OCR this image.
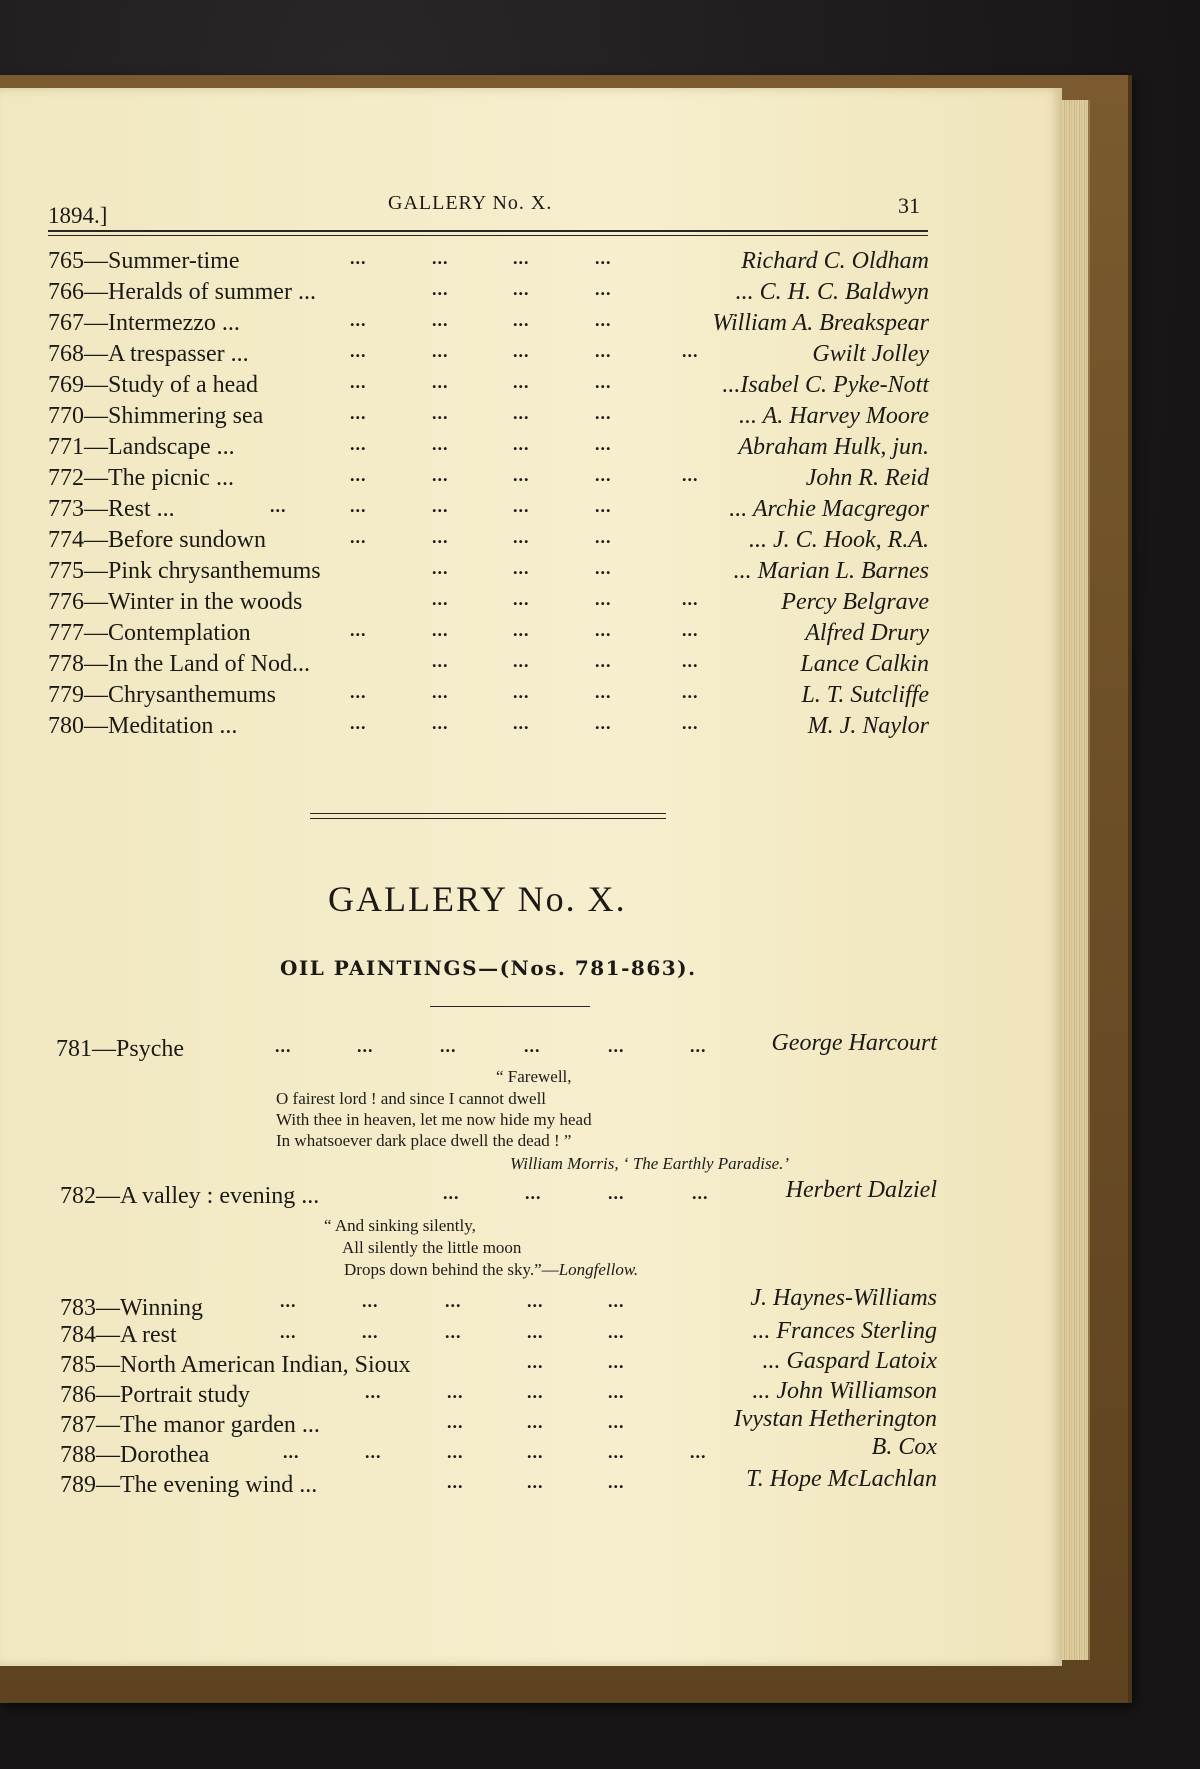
1894.]	GALLERY No. X.	31
765—Summer-time	...	...	...	...	Richard C. Oldham
766—Heralds of summer ...	...	...	...	... C. H. C. Baldwyn
767—Intermezzo ...	...	...	...	...	William A. Breakspear
768—A trespasser ...	...	...	...	...	...	Gwilt Jolley
769—Study of a head	...	...	...	...	...Isabel C. Pyke-Nott
770—Shimmering sea	...	...	...	...	... A. Harvey Moore
771—Landscape ...	...	...	...	...	Abraham Hulk, jun.
772—The picnic ...	...	...	...	...	...	John R. Reid
773—Rest ...	...	...	...	...	...	... Archie Macgregor
774—Before sundown	...	...	...	...	... J. C. Hook, R.A.
775—Pink chrysanthemums	...	...	...	... Marian L. Barnes
776—Winter in the woods	...	...	...	...	Percy Belgrave
777—Contemplation	...	...	...	...	...	Alfred Drury
778—In the Land of Nod...	...	...	...	...	Lance Calkin
779—Chrysanthemums	...	...	...	...	...	L. T. Sutcliffe
780—Meditation ...	...	...	...	...	...	M. J. Naylor
GALLERY No. X.
OIL PAINTINGS—(Nos. 781-863).
781—Psyche	...	...	...	...	...	...	George Harcourt
“ Farewell,
O fairest lord ! and since I cannot dwell
With thee in heaven, let me now hide my head
In whatsoever dark place dwell the dead ! ”
William Morris, ‘ The Earthly Paradise.’
782—A valley : evening ...	...	...	...	...	Herbert Dalziel
“ And sinking silently,
All silently the little moon
Drops down behind the sky.”—Longfellow.
783—Winning	...	...	...	...	...	J. Haynes-Williams
784—A rest	...	...	...	...	...	... Frances Sterling
785—North American Indian, Sioux	...	...	... Gaspard Latoix
786—Portrait study	...	...	...	...	... John Williamson
787—The manor garden ...	...	...	...	Ivystan Hetherington
788—Dorothea	...	...	...	...	...	...	B. Cox
789—The evening wind ...	...	...	...	T. Hope McLachlan
